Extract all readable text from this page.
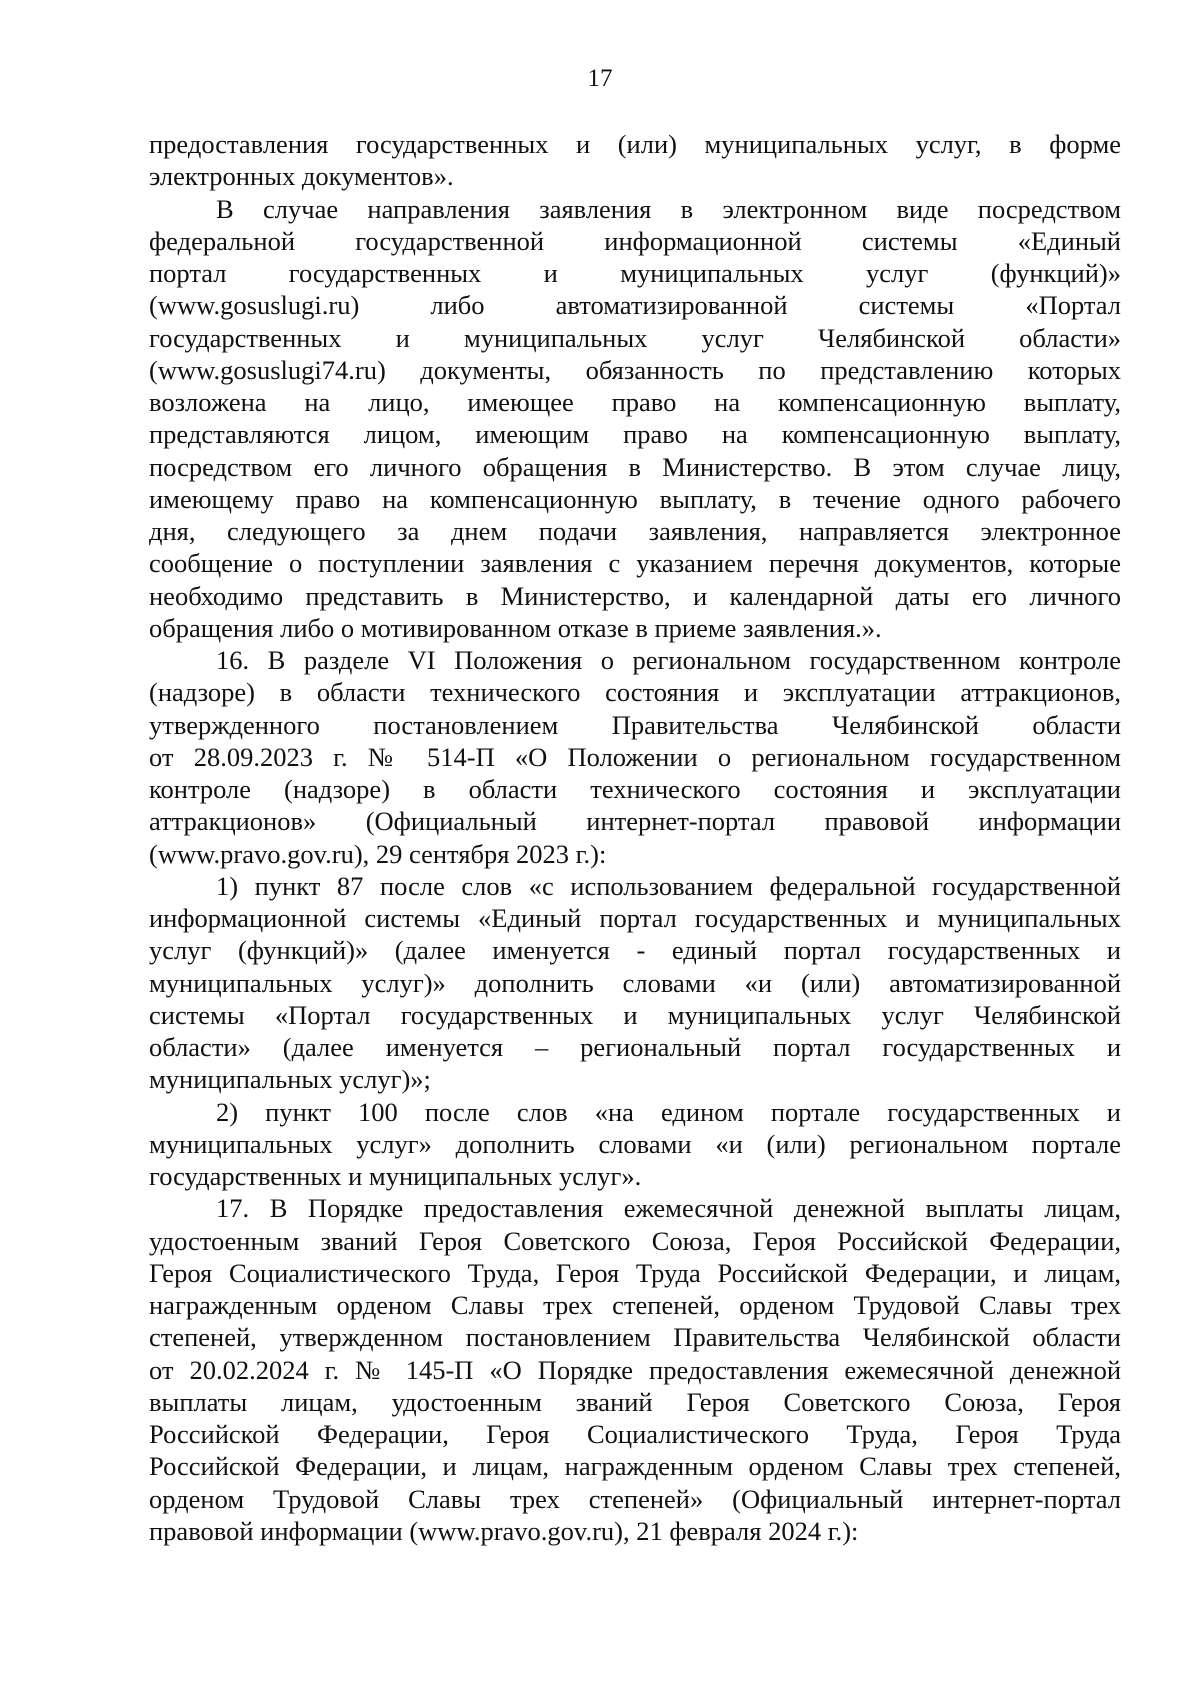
17

предоставления государственных и (или) муниципальных услуг, в форме
электронных документов».
В случае направления заявления в электронном виде посредством
федеральной государственной информационной системы «Единый
портал государственных и муниципальных услуг (функций)»
(www.gosuslugi.ru) либо автоматизированной системы «Портал
государственных и муниципальных услуг Челябинской области»
(www.gosuslugi74.ru) документы, обязанность по представлению которых
возложена на лицо, имеющее право на компенсационную выплату,
представляются лицом, имеющим право на компенсационную выплату,
посредством его личного обращения в Министерство. В этом случае лицу,
имеющему право на компенсационную выплату, в течение одного рабочего
дня, следующего за днем подачи заявления, направляется электронное
сообщение о поступлении заявления с указанием перечня документов, которые
необходимо представить в Министерство, и календарной даты его личного
обращения либо о мотивированном отказе в приеме заявления.».
16. В разделе VI Положения о региональном государственном контроле
(надзоре) в области технического состояния и эксплуатации аттракционов,
утвержденного постановлением Правительства Челябинской области
от 28.09.2023 г. № 514-П «О Положении о региональном государственном
контроле (надзоре) в области технического состояния и эксплуатации
аттракционов» (Официальный интернет-портал правовой информации
(www.pravo.gov.ru), 29 сентября 2023 г.):
1) пункт 87 после слов «с использованием федеральной государственной
информационной системы «Единый портал государственных и муниципальных
услуг (функций)» (далее именуется - единый портал государственных и
муниципальных услуг)» дополнить словами «и (или) автоматизированной
системы «Портал государственных и муниципальных услуг Челябинской
области» (далее именуется – региональный портал государственных и
муниципальных услуг)»;
2) пункт 100 после слов «на едином портале государственных и
муниципальных услуг» дополнить словами «и (или) региональном портале
государственных и муниципальных услуг».
17. В Порядке предоставления ежемесячной денежной выплаты лицам,
удостоенным званий Героя Советского Союза, Героя Российской Федерации,
Героя Социалистического Труда, Героя Труда Российской Федерации, и лицам,
награжденным орденом Славы трех степеней, орденом Трудовой Славы трех
степеней, утвержденном постановлением Правительства Челябинской области
от 20.02.2024 г. № 145-П «О Порядке предоставления ежемесячной денежной
выплаты лицам, удостоенным званий Героя Советского Союза, Героя
Российской Федерации, Героя Социалистического Труда, Героя Труда
Российской Федерации, и лицам, награжденным орденом Славы трех степеней,
орденом Трудовой Славы трех степеней» (Официальный интернет-портал
правовой информации (www.pravo.gov.ru), 21 февраля 2024 г.):
